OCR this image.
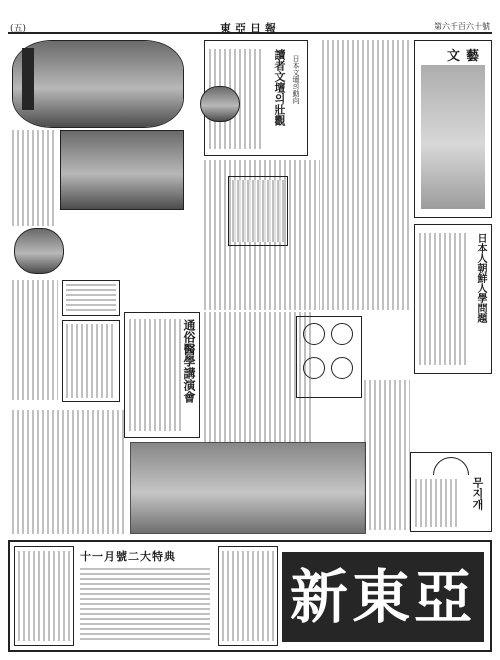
(五)	東亞日報	第六千百六十號
通俗醫學講演會
讀者文壇의壯觀 日本文壇의動向	文藝
日本人朝鮮人學問題
무지개
十一月號二大特典
新東亞
